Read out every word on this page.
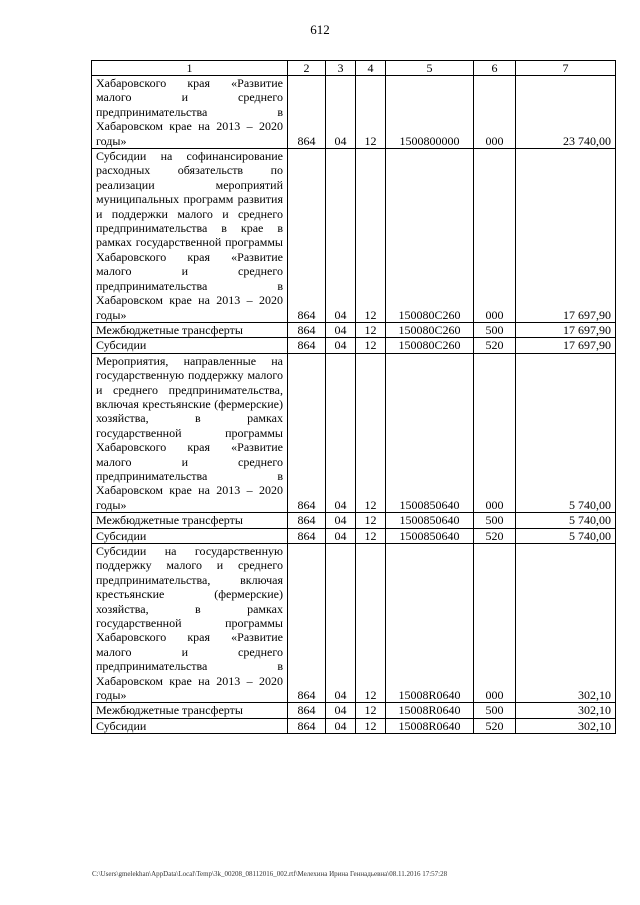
612
1	2	3	4	5	6	7
Хабаровского края «Развитие малого и среднего предпринимательства в Хабаровском крае на 2013 – 2020 годы»	864	04	12	1500800000	000	23 740,00
Субсидии на софинансирование расходных обязательств по реализации мероприятий муниципальных программ развития и поддержки малого и среднего предпринимательства в крае в рамках государственной программы Хабаровского края «Развитие малого и среднего предпринимательства в Хабаровском крае на 2013 – 2020 годы»	864	04	12	150080С260	000	17 697,90
Межбюджетные трансферты	864	04	12	150080С260	500	17 697,90
Субсидии	864	04	12	150080С260	520	17 697,90
Мероприятия, направленные на государственную поддержку малого и среднего предпринимательства, включая крестьянские (фермерские) хозяйства, в рамках государственной программы Хабаровского края «Развитие малого и среднего предпринимательства в Хабаровском крае на 2013 – 2020 годы»	864	04	12	1500850640	000	5 740,00
Межбюджетные трансферты	864	04	12	1500850640	500	5 740,00
Субсидии	864	04	12	1500850640	520	5 740,00
Субсидии на государственную поддержку малого и среднего предпринимательства, включая крестьянские (фермерские) хозяйства, в рамках государственной программы Хабаровского края «Развитие малого и среднего предпринимательства в Хабаровском крае на 2013 – 2020 годы»	864	04	12	15008R0640	000	302,10
Межбюджетные трансферты	864	04	12	15008R0640	500	302,10
Субсидии	864	04	12	15008R0640	520	302,10
C:\Users\gmelekhan\AppData\Local\Temp\3k_00208_08112016_002.rtf\Мелехина Ирина Геннадьевна\08.11.2016 17:57:28
